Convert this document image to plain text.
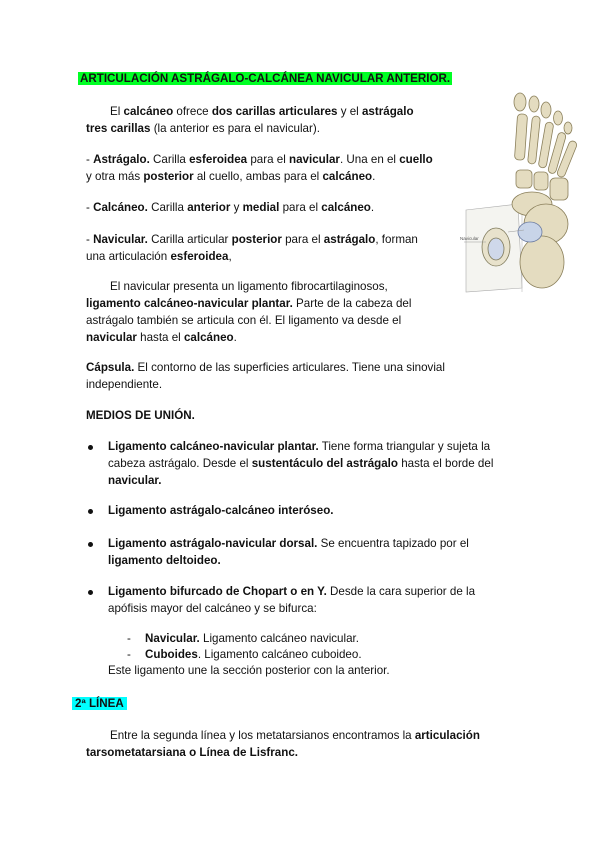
ARTICULACIÓN ASTRÁGALO-CALCÁNEA NAVICULAR ANTERIOR.
El calcáneo ofrece dos carillas articulares y el astrágalo
tres carillas (la anterior es para el navicular).
- Astrágalo. Carilla esferoidea para el navicular. Una en el cuello
y otra más posterior al cuello, ambas para el calcáneo.
- Calcáneo. Carilla anterior y medial para el calcáneo.
- Navicular. Carilla articular posterior para el astrágalo, forman
una articulación esferoidea,
El navicular presenta un ligamento fibrocartilaginosos,
ligamento calcáneo-navicular plantar. Parte de la cabeza del
astrágalo también se articula con él. El ligamento va desde el
navicular hasta el calcáneo.
Cápsula. El contorno de las superficies articulares. Tiene una sinovial
independiente.
MEDIOS DE UNIÓN.
Ligamento calcáneo-navicular plantar. Tiene forma triangular y sujeta la
cabeza astrágalo. Desde el sustentáculo del astrágalo hasta el borde del
navicular.
Ligamento astrágalo-calcáneo interóseo.
Ligamento astrágalo-navicular dorsal. Se encuentra tapizado por el
ligamento deltoideo.
Ligamento bifurcado de Chopart o en Y. Desde la cara superior de la
apófisis mayor del calcáneo y se bifurca:
- Navicular. Ligamento calcáneo navicular.
- Cuboides. Ligamento calcáneo cuboideo.
Este ligamento une la sección posterior con la anterior.
2ª LÍNEA
Entre la segunda línea y los metatarsianos encontramos la articulación
tarsometatarsiana o Línea de Lisfranc.
Navicular
